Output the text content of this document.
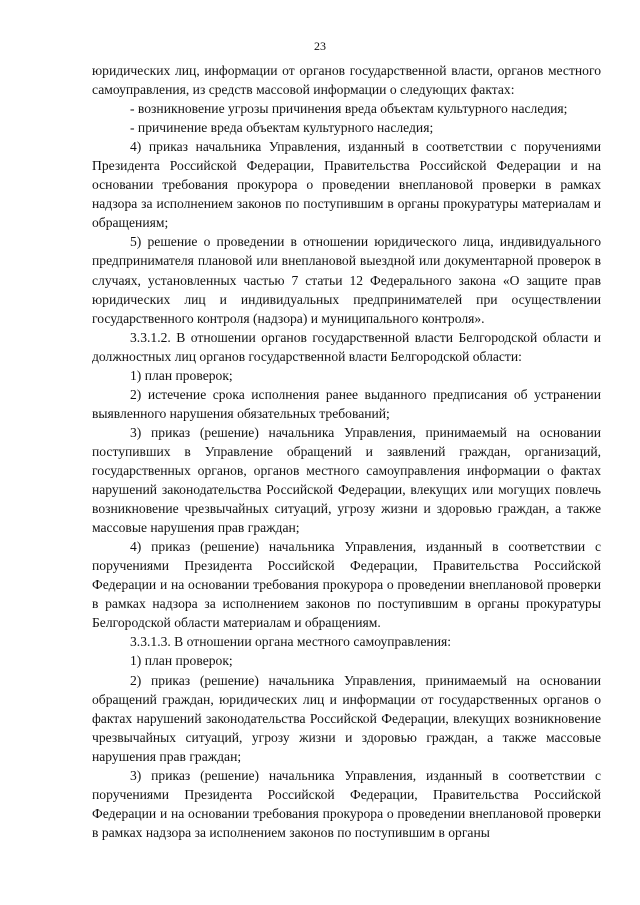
23

юридических лиц, информации от органов государственной власти, органов местного самоуправления, из средств массовой информации о следующих фактах:

- возникновение угрозы причинения вреда объектам культурного наследия;

- причинение вреда объектам культурного наследия;

4) приказ начальника Управления, изданный в соответствии с поручениями Президента Российской Федерации, Правительства Российской Федерации и на основании требования прокурора о проведении внеплановой проверки в рамках надзора за исполнением законов по поступившим в органы прокуратуры материалам и обращениям;

5) решение о проведении в отношении юридического лица, индивидуального предпринимателя плановой или внеплановой выездной или документарной проверок в случаях, установленных частью 7 статьи 12 Федерального закона «О защите прав юридических лиц и индивидуальных предпринимателей при осуществлении государственного контроля (надзора) и муниципального контроля».

3.3.1.2. В отношении органов государственной власти Белгородской области и должностных лиц органов государственной власти Белгородской области:

1) план проверок;

2) истечение срока исполнения ранее выданного предписания об устранении выявленного нарушения обязательных требований;

3) приказ (решение) начальника Управления, принимаемый на основании поступивших в Управление обращений и заявлений граждан, организаций, государственных органов, органов местного самоуправления информации о фактах нарушений законодательства Российской Федерации, влекущих или могущих повлечь возникновение чрезвычайных ситуаций, угрозу жизни и здоровью граждан, а также массовые нарушения прав граждан;

4) приказ (решение) начальника Управления, изданный в соответствии с поручениями Президента Российской Федерации, Правительства Российской Федерации и на основании требования прокурора о проведении внеплановой проверки в рамках надзора за исполнением законов по поступившим в органы прокуратуры Белгородской области материалам и обращениям.

3.3.1.3. В отношении органа местного самоуправления:

1) план проверок;

2) приказ (решение) начальника Управления, принимаемый на основании обращений граждан, юридических лиц и информации от государственных органов о фактах нарушений законодательства Российской Федерации, влекущих возникновение чрезвычайных ситуаций, угрозу жизни и здоровью граждан, а также массовые нарушения прав граждан;

3) приказ (решение) начальника Управления, изданный в соответствии с поручениями Президента Российской Федерации, Правительства Российской Федерации и на основании требования прокурора о проведении внеплановой проверки в рамках надзора за исполнением законов по поступившим в органы
